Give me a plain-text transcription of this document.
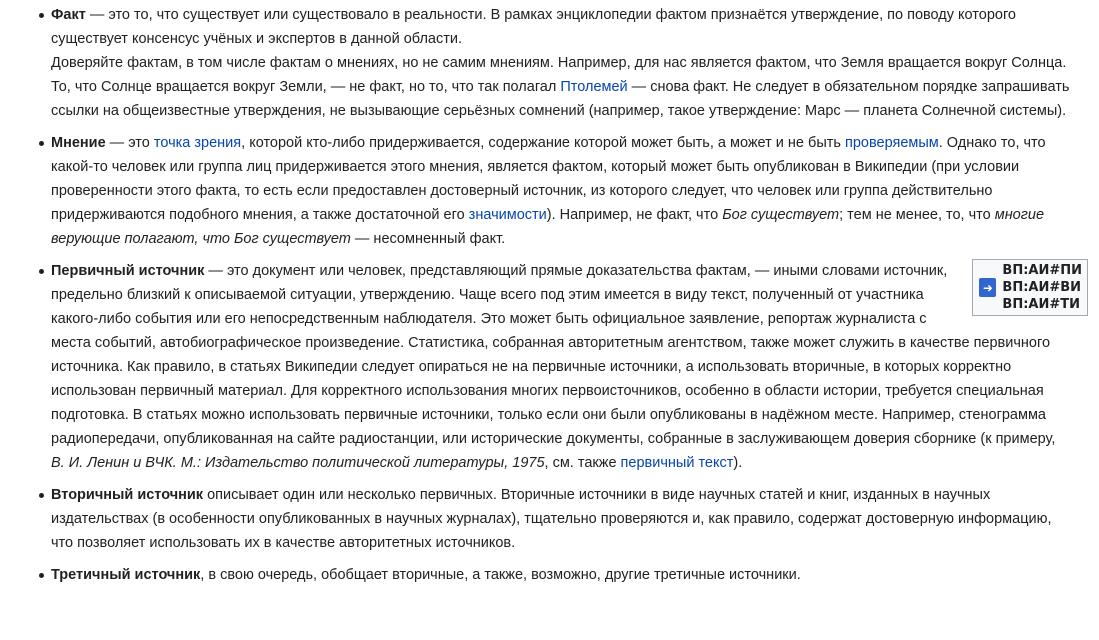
Факт — это то, что существует или существовало в реальности. В рамках энциклопедии фактом признаётся утверждение, по поводу которого существует консенсус учёных и экспертов в данной области.
Доверяйте фактам, в том числе фактам о мнениях, но не самим мнениям. Например, для нас является фактом, что Земля вращается вокруг Солнца. То, что Солнце вращается вокруг Земли, — не факт, но то, что так полагал Птолемей — снова факт. Не следует в обязательном порядке запрашивать ссылки на общеизвестные утверждения, не вызывающие серьёзных сомнений (например, такое утверждение: Марс — планета Солнечной системы).
Мнение — это точка зрения, которой кто-либо придерживается, содержание которой может быть, а может и не быть проверяемым. Однако то, что какой-то человек или группа лиц придерживается этого мнения, является фактом, который может быть опубликован в Википедии (при условии проверенности этого факта, то есть если предоставлен достоверный источник, из которого следует, что человек или группа действительно придерживаются подобного мнения, а также достаточной его значимости). Например, не факт, что Бог существует; тем не менее, то, что многие верующие полагают, что Бог существует — несомненный факт.
➜
ВП:АИ#ПИ
ВП:АИ#ВИ
ВП:АИ#ТИ
Первичный источник — это документ или человек, представляющий прямые доказательства фактам, — иными словами источник, предельно близкий к описываемой ситуации, утверждению. Чаще всего под этим имеется в виду текст, полученный от участника какого-либо события или его непосредственным наблюдателя. Это может быть официальное заявление, репортаж журналиста с места событий, автобиографическое произведение. Статистика, собранная авторитетным агентством, также может служить в качестве первичного источника. Как правило, в статьях Википедии следует опираться не на первичные источники, а использовать вторичные, в которых корректно использован первичный материал. Для корректного использования многих первоисточников, особенно в области истории, требуется специальная подготовка. В статьях можно использовать первичные источники, только если они были опубликованы в надёжном месте. Например, стенограмма радиопередачи, опубликованная на сайте радиостанции, или исторические документы, собранные в заслуживающем доверия сборнике (к примеру, В. И. Ленин и ВЧК. М.: Издательство политической литературы, 1975, см. также первичный текст).
Вторичный источник описывает один или несколько первичных. Вторичные источники в виде научных статей и книг, изданных в научных издательствах (в особенности опубликованных в научных журналах), тщательно проверяются и, как правило, содержат достоверную информацию, что позволяет использовать их в качестве авторитетных источников.
Третичный источник, в свою очередь, обобщает вторичные, а также, возможно, другие третичные источники.
